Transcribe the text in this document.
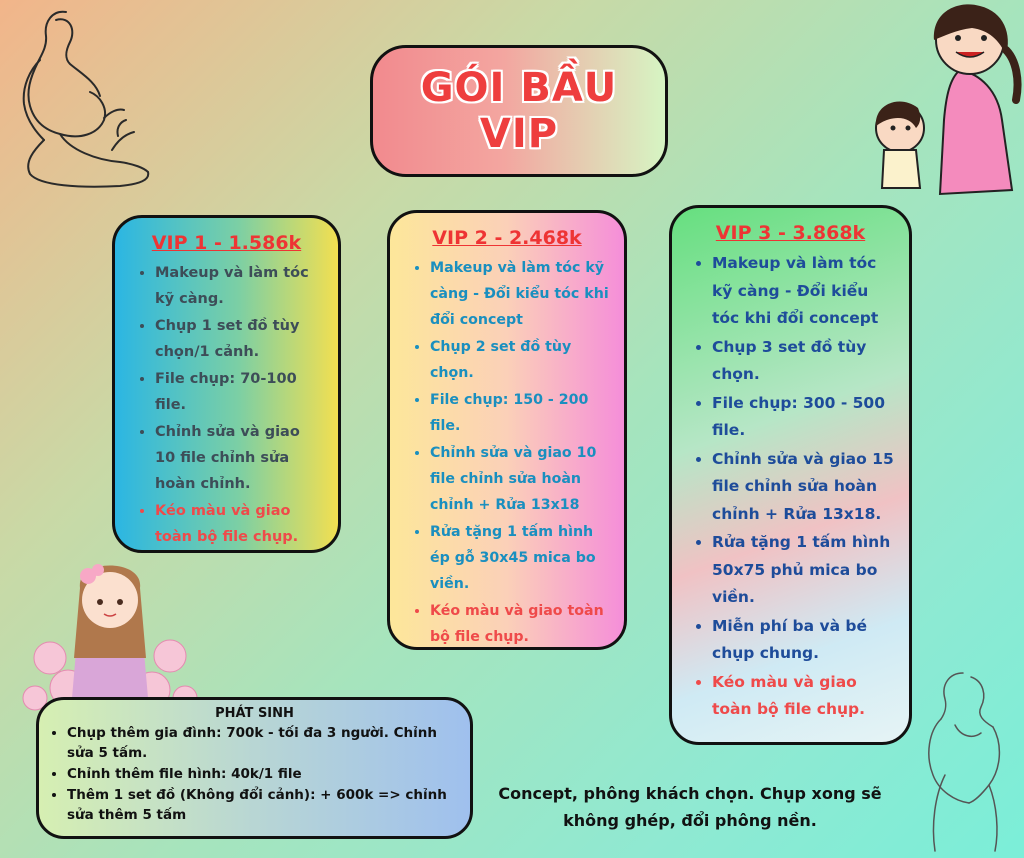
GÓI BẦU
VIP
VIP 1 - 1.586k
• Makeup và làm tóc kỹ càng.
• Chụp 1 set đồ tùy chọn/1 cảnh.
• File chụp: 70-100 file.
• Chỉnh sửa và giao 10 file chỉnh sửa hoàn chỉnh.
• Kéo màu và giao toàn bộ file chụp.
VIP 2 - 2.468k
• Makeup và làm tóc kỹ càng - Đổi kiểu tóc khi đổi concept
• Chụp 2 set đồ tùy chọn.
• File chụp: 150 - 200 file.
• Chỉnh sửa và giao 10 file chỉnh sửa hoàn chỉnh + Rửa 13x18
• Rửa tặng 1 tấm hình ép gỗ 30x45 mica bo viền.
• Kéo màu và giao toàn bộ file chụp.
VIP 3 - 3.868k
• Makeup và làm tóc kỹ càng - Đổi kiểu tóc khi đổi concept
• Chụp 3 set đồ tùy chọn.
• File chụp: 300 - 500 file.
• Chỉnh sửa và giao 15 file chỉnh sửa hoàn chỉnh + Rửa 13x18.
• Rửa tặng 1 tấm hình 50x75 phủ mica bo viền.
• Miễn phí ba và bé chụp chung.
• Kéo màu và giao toàn bộ file chụp.
PHÁT SINH
• Chụp thêm gia đình: 700k - tối đa 3 người. Chỉnh sửa 5 tấm.
• Chỉnh thêm file hình: 40k/1 file
• Thêm 1 set đồ (Không đổi cảnh): + 600k => chỉnh sửa thêm 5 tấm
Concept, phông khách chọn. Chụp xong sẽ không ghép, đổi phông nền.
